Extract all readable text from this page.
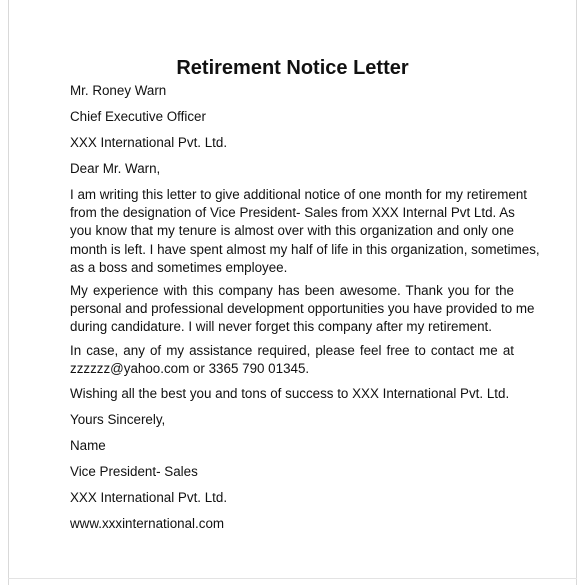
Retirement Notice Letter
Mr. Roney Warn
Chief Executive Officer
XXX International Pvt. Ltd.
Dear Mr. Warn,
I am writing this letter to give additional notice of one month for my retirement
from the designation of Vice President- Sales from XXX Internal Pvt Ltd. As
you know that my tenure is almost over with this organization and only one
month is left. I have spent almost my half of life in this organization, sometimes,
as a boss and sometimes employee.
My experience with this company has been awesome. Thank you for the
personal and professional development opportunities you have provided to me
during candidature. I will never forget this company after my retirement.
In case, any of my assistance required, please feel free to contact me at
zzzzzz@yahoo.com or 3365 790 01345.
Wishing all the best you and tons of success to XXX International Pvt. Ltd.
Yours Sincerely,
Name
Vice President- Sales
XXX International Pvt. Ltd.
www.xxxinternational.com
